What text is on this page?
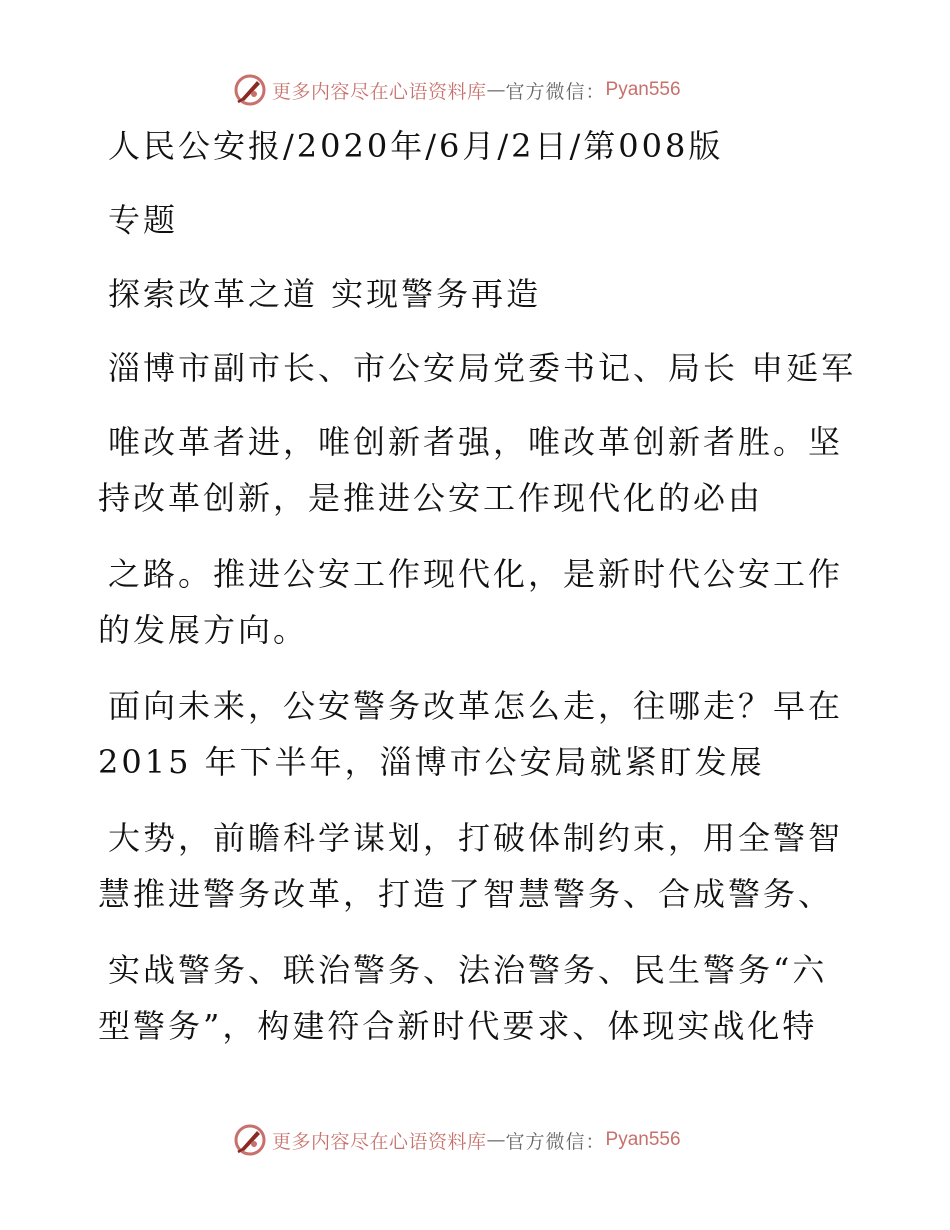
更多内容尽在心语资料库 — 官方微信： Pyan556
人民公安报/2020年/6月/2日/第008版
专题
探索改革之道 实现警务再造
淄博市副市长、市公安局党委书记、局长 申延军
唯改革者进，唯创新者强，唯改革创新者胜。坚
持改革创新，是推进公安工作现代化的必由
之路。推进公安工作现代化，是新时代公安工作
的发展方向。
面向未来，公安警务改革怎么走，往哪走？早在
2015 年下半年，淄博市公安局就紧盯发展
大势，前瞻科学谋划，打破体制约束，用全警智
慧推进警务改革，打造了智慧警务、合成警务、
实战警务、联治警务、法治警务、民生警务“六
型警务”，构建符合新时代要求、体现实战化特
更多内容尽在心语资料库 — 官方微信： Pyan556
